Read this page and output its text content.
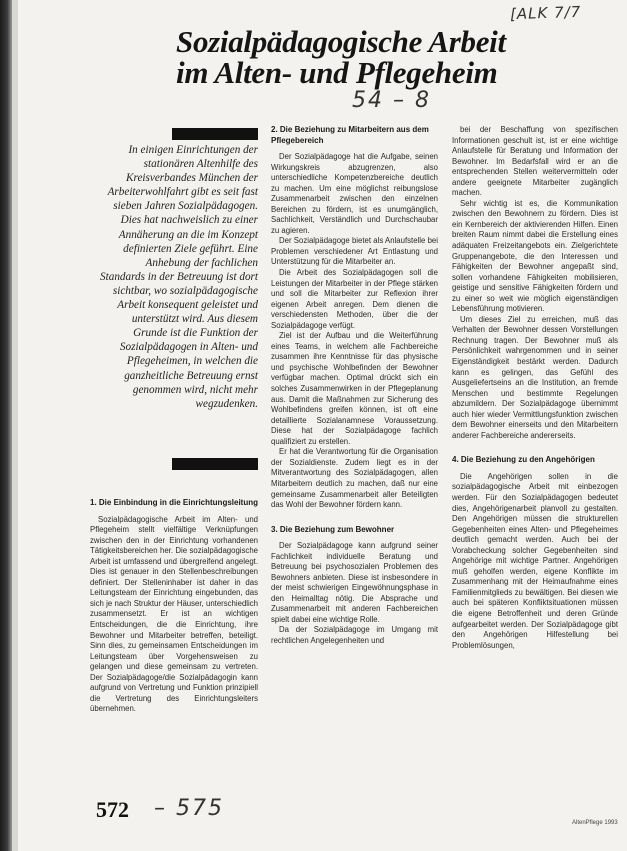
[ALK 7/7
Sozialpädagogische Arbeit
im Alten- und Pflegeheim
54 – 8
In einigen Einrichtungen der stationären Altenhilfe des Kreisverbandes München der Arbeiterwohlfahrt gibt es seit fast sieben Jahren Sozialpädagogen. Dies hat nachweislich zu einer Annäherung an die im Konzept definierten Ziele geführt. Eine Anhebung der fachlichen Standards in der Betreuung ist dort sichtbar, wo sozialpädagogische Arbeit konsequent geleistet und unterstützt wird. Aus diesem Grunde ist die Funktion der Sozialpädagogen in Alten- und Pflegeheimen, in welchen die ganzheitliche Betreuung ernst genommen wird, nicht mehr wegzudenken.
1. Die Einbindung in die Einrichtungsleitung

Sozialpädagogische Arbeit im Alten- und Pflegeheim stellt vielfältige Verknüpfungen zwischen den in der Einrichtung vorhandenen Tätigkeitsbereichen her. Die sozialpädagogische Arbeit ist umfassend und übergreifend angelegt. Dies ist genauer in den Stellenbeschreibungen definiert. Der Stelleninhaber ist daher in das Leitungsteam der Einrichtung eingebunden, das sich je nach Struktur der Häuser, unterschiedlich zusammensetzt. Er ist an wichtigen Entscheidungen, die die Einrichtung, ihre Bewohner und Mitarbeiter betreffen, beteiligt. Sinn dies, zu gemeinsamen Entscheidungen im Leitungsteam über Vorgehensweisen zu gelangen und diese gemeinsam zu vertreten. Der Sozialpädagoge/die Sozialpädagogin kann aufgrund von Vertretung und Funktion prinzipiell die Vertretung des Einrichtungsleiters übernehmen.

2. Die Beziehung zu Mitarbeitern aus dem Pflegebereich

Der Sozialpädagoge hat die Aufgabe, seinen Wirkungskreis abzugrenzen, also unterschiedliche Kompetenzbereiche deutlich zu machen. Um eine möglichst reibungslose Zusammenarbeit zwischen den einzelnen Bereichen zu fördern, ist es unumgänglich, Sachlichkeit, Verständlich und Durchschaubar zu agieren.

Der Sozialpädagoge bietet als Anlaufstelle bei Problemen verschiedener Art Entlastung und Unterstützung für die Mitarbeiter an.

Die Arbeit des Sozialpädagogen soll die Leistungen der Mitarbeiter in der Pflege stärken und soll die Mitarbeiter zur Reflexion ihrer eigenen Arbeit anregen. Dem dienen die verschiedensten Methoden, über die der Sozialpädagoge verfügt.

Ziel ist der Aufbau und die Weiterführung eines Teams, in welchem alle Fachbereiche zusammen ihre Kenntnisse für das physische und psychische Wohlbefinden der Bewohner verfügbar machen. Optimal drückt sich ein solches Zusammenwirken in der Pflegeplanung aus. Damit die Maßnahmen zur Sicherung des Wohlbefindens greifen können, ist oft eine detaillierte Sozialanamnese Voraussetzung. Diese hat der Sozialpädagoge fachlich qualifiziert zu erstellen.

Er hat die Verantwortung für die Organisation der Sozialdienste. Zudem liegt es in der Mitverantwortung des Sozialpädagogen, allen Mitarbeitern deutlich zu machen, daß nur eine gemeinsame Zusammenarbeit aller Beteiligten das Wohl der Bewohner fördern kann.

3. Die Beziehung zum Bewohner

Der Sozialpädagoge kann aufgrund seiner Fachlichkeit individuelle Beratung und Betreuung bei psychosozialen Problemen des Bewohners anbieten. Diese ist insbesondere in der meist schwierigen Eingewöhnungsphase in den Heimalltag nötig. Die Absprache und Zusammenarbeit mit anderen Fachbereichen spielt dabei eine wichtige Rolle.

Da der Sozialpädagoge im Umgang mit rechtlichen Angelegenheiten und

bei der Beschaffung von spezifischen Informationen geschult ist, ist er eine wichtige Anlaufstelle für Beratung und Information der Bewohner. Im Bedarfsfall wird er an die entsprechenden Stellen weitervermitteln oder andere geeignete Mitarbeiter zugänglich machen.

Sehr wichtig ist es, die Kommunikation zwischen den Bewohnern zu fördern. Dies ist ein Kernbereich der aktivierenden Hilfen. Einen breiten Raum nimmt dabei die Erstellung eines adäquaten Freizeitangebots ein. Zielgerichtete Gruppenangebote, die den Interessen und Fähigkeiten der Bewohner angepaßt sind, sollen vorhandene Fähigkeiten mobilisieren, geistige und sensitive Fähigkeiten fördern und zu einer so weit wie möglich eigenständigen Lebensführung motivieren.

Um dieses Ziel zu erreichen, muß das Verhalten der Bewohner dessen Vorstellungen Rechnung tragen. Der Bewohner muß als Persönlichkeit wahrgenommen und in seiner Eigenständigkeit bestärkt werden. Dadurch kann es gelingen, das Gefühl des Ausgeliefertseins an die Institution, an fremde Menschen und bestimmte Regelungen abzumildern. Der Sozialpädagoge übernimmt auch hier wieder Vermittlungsfunktion zwischen dem Bewohner einerseits und den Mitarbeitern anderer Fachbereiche andererseits.

4. Die Beziehung zu den Angehörigen

Die Angehörigen sollen in die sozialpädagogische Arbeit mit einbezogen werden. Für den Sozialpädagogen bedeutet dies, Angehörigenarbeit planvoll zu gestalten. Den Angehörigen müssen die strukturellen Gegebenheiten eines Alten- und Pflegeheimes deutlich gemacht werden. Auch bei der Vorabcheckung solcher Gegebenheiten sind Angehörige mit wichtige Partner. Angehörigen muß geholfen werden, eigene Konflikte im Zusammenhang mit der Heimaufnahme eines Familienmitglieds zu bewältigen. Bei diesen wie auch bei späteren Konfliktsituationen müssen die eigene Betroffenheit und deren Gründe aufgearbeitet werden. Der Sozialpädagoge gibt den Angehörigen Hilfestellung bei Problemlösungen,

572 – 575
AltenPflege 1993
